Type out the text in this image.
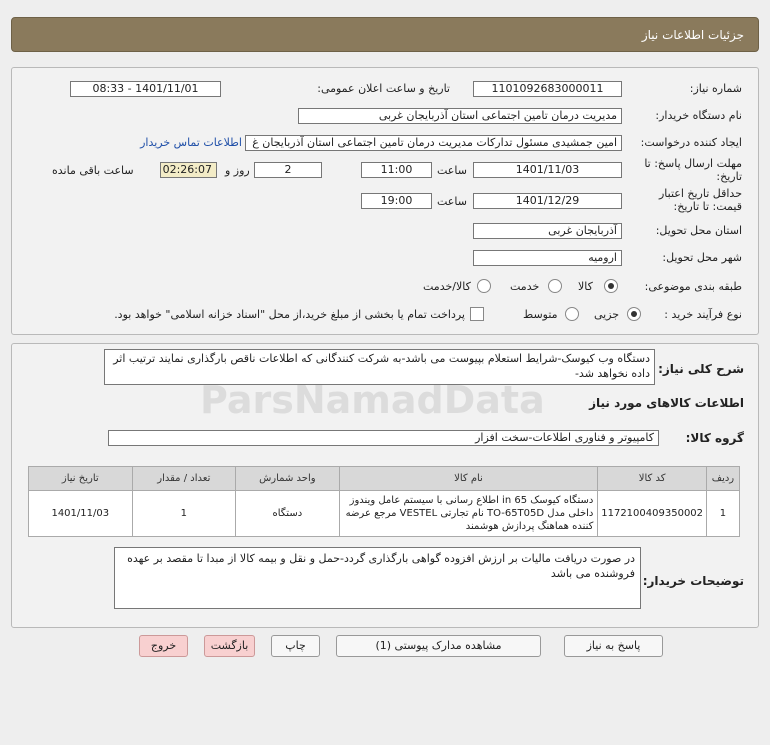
جزئیات اطلاعات نیاز
شماره نیاز:
1101092683000011
تاریخ و ساعت اعلان عمومی:
1401/11/01 - 08:33
نام دستگاه خریدار:
مدیریت درمان تامین اجتماعی استان آذربایجان غربی
ایجاد کننده درخواست:
امین جمشیدی مسئول تدارکات مدیریت درمان تامین اجتماعی استان آذربایجان غ
اطلاعات تماس خریدار
مهلت ارسال پاسخ: تا
تاریخ:
1401/11/03
ساعت
11:00
2
روز و
02:26:07
ساعت باقی مانده
حداقل تاریخ اعتبار
قیمت: تا تاریخ:
1401/12/29
ساعت
19:00
استان محل تحویل:
آذربایجان غربی
شهر محل تحویل:
ارومیه
طبقه بندی موضوعی:
کالا
خدمت
کالا/خدمت
نوع فرآیند خرید :
جزیی
متوسط
پرداخت تمام یا بخشی از مبلغ خرید،از محل "اسناد خزانه اسلامی" خواهد بود.
شرح کلی نیاز:
دستگاه وب کیوسک-شرایط استعلام بپیوست می باشد-به شرکت کنندگانی که اطلاعات ناقص بارگذاری نمایند ترتیب اثر داده نخواهد شد-
اطلاعات کالاهای مورد نیاز
گروه کالا:
کامپیوتر و فناوری اطلاعات-سخت افزار
ردیف	کد کالا	نام کالا	واحد شمارش	تعداد / مقدار	تاریخ نیاز
1	1172100409350002	دستگاه کیوسک 65 in اطلاع رسانی با سیستم عامل ویندوز داخلی مدل TO-65T05D نام تجارتی VESTEL مرجع عرضه کننده هماهنگ پردازش هوشمند	دستگاه	1	1401/11/03
توضیحات خریدار:
در صورت دریافت مالیات بر ارزش افزوده گواهی بارگذاری گردد-حمل و نقل و بیمه کالا از مبدا تا مقصد بر عهده فروشنده می باشد
پاسخ به نیاز
مشاهده مدارک پیوستی (1)
چاپ
بازگشت
خروج
